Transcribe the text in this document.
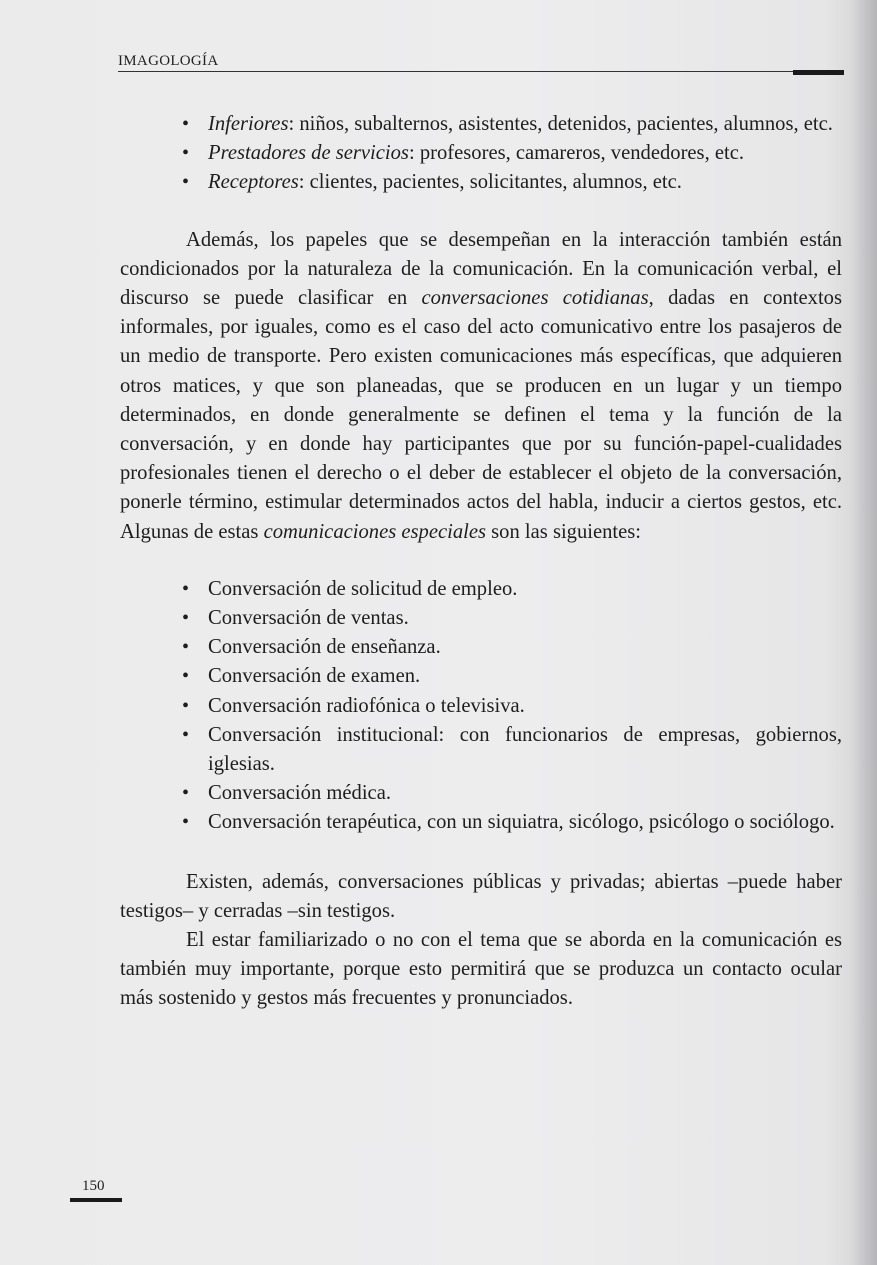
IMAGOLOGÍA
• Inferiores: niños, subalternos, asistentes, detenidos, pacientes, alumnos, etc.
• Prestadores de servicios: profesores, camareros, vendedores, etc.
• Receptores: clientes, pacientes, solicitantes, alumnos, etc.

Además, los papeles que se desempeñan en la interacción también están condicionados por la naturaleza de la comunicación. En la comunicación verbal, el discurso se puede clasificar en conversaciones cotidianas, dadas en contextos informales, por iguales, como es el caso del acto comunicativo entre los pasajeros de un medio de transporte. Pero existen comunicaciones más específicas, que adquieren otros matices, y que son planeadas, que se producen en un lugar y un tiempo determinados, en donde generalmente se definen el tema y la función de la conversación, y en donde hay participantes que por su función-papel-cualidades profesionales tienen el derecho o el deber de establecer el objeto de la conversación, ponerle término, estimular determinados actos del habla, inducir a ciertos gestos, etc. Algunas de estas comunicaciones especiales son las siguientes:

• Conversación de solicitud de empleo.
• Conversación de ventas.
• Conversación de enseñanza.
• Conversación de examen.
• Conversación radiofónica o televisiva.
• Conversación institucional: con funcionarios de empresas, gobiernos, iglesias.
• Conversación médica.
• Conversación terapéutica, con un siquiatra, sicólogo, psicólogo o sociólogo.

Existen, además, conversaciones públicas y privadas; abiertas –puede haber testigos– y cerradas –sin testigos.

El estar familiarizado o no con el tema que se aborda en la comunicación es también muy importante, porque esto permitirá que se produzca un contacto ocular más sostenido y gestos más frecuentes y pronunciados.

150
